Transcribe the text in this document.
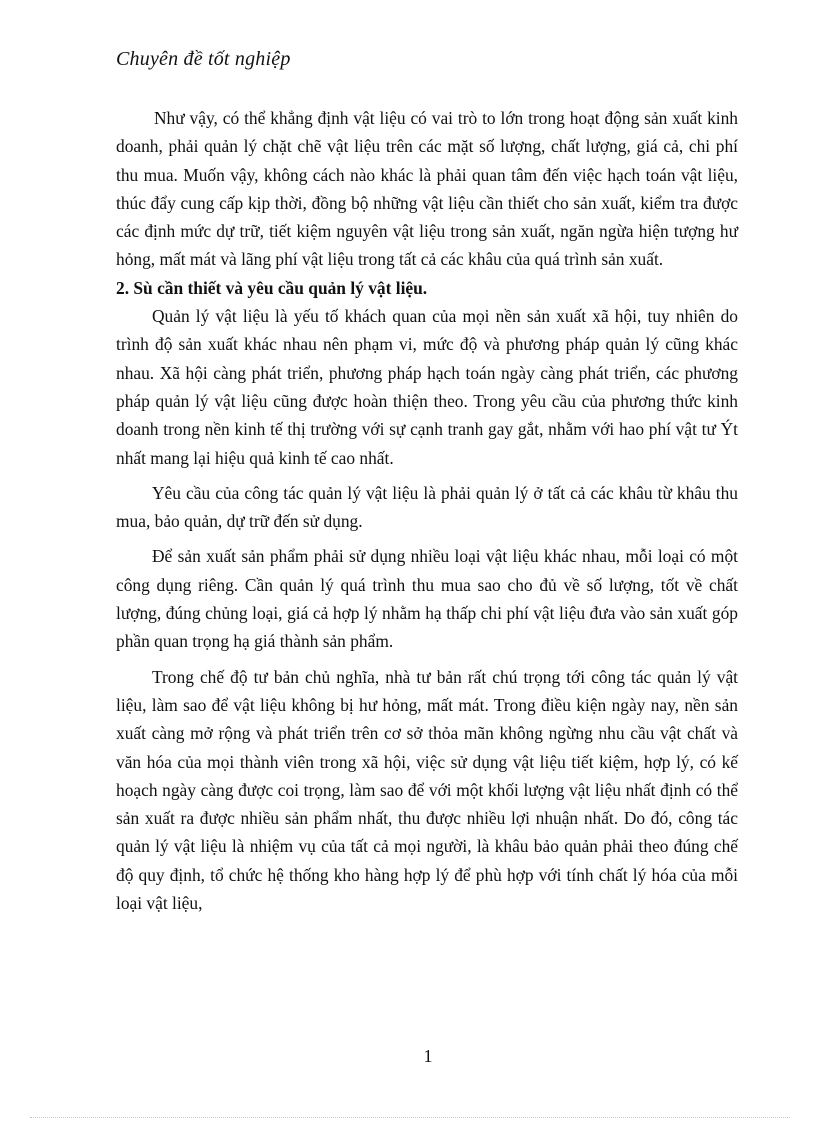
Chuyên đề tốt nghiệp

Như vậy, có thể khẳng định vật liệu có vai trò to lớn trong hoạt động sản xuất kinh doanh, phải quản lý chặt chẽ vật liệu trên các mặt số lượng, chất lượng, giá cả, chi phí thu mua. Muốn vậy, không cách nào khác là phải quan tâm đến việc hạch toán vật liệu, thúc đẩy cung cấp kịp thời, đồng bộ những vật liệu cần thiết cho sản xuất, kiểm tra được các định mức dự trữ, tiết kiệm nguyên vật liệu trong sản xuất, ngăn ngừa hiện tượng hư hỏng, mất mát và lãng phí vật liệu trong tất cả các khâu của quá trình sản xuất.

2. Sù cần thiết và yêu cầu quản lý vật liệu.

Quản lý vật liệu là yếu tố khách quan của mọi nền sản xuất xã hội, tuy nhiên do trình độ sản xuất khác nhau nên phạm vi, mức độ và phương pháp quản lý cũng khác nhau. Xã hội càng phát triển, phương pháp hạch toán ngày càng phát triển, các phương pháp quản lý vật liệu cũng được hoàn thiện theo. Trong yêu cầu của phương thức kinh doanh trong nền kinh tế thị trường với sự cạnh tranh gay gắt, nhằm với hao phí vật tư Ýt nhất mang lại hiệu quả kinh tế cao nhất.

Yêu cầu của công tác quản lý vật liệu là phải quản lý ở tất cả các khâu từ khâu thu mua, bảo quản, dự trữ đến sử dụng.

Để sản xuất sản phẩm phải sử dụng nhiều loại vật liệu khác nhau, mỗi loại có một công dụng riêng. Cần quản lý quá trình thu mua sao cho đủ về số lượng, tốt về chất lượng, đúng chủng loại, giá cả hợp lý nhằm hạ thấp chi phí vật liệu đưa vào sản xuất góp phần quan trọng hạ giá thành sản phẩm.

Trong chế độ tư bản chủ nghĩa, nhà tư bản rất chú trọng tới công tác quản lý vật liệu, làm sao để vật liệu không bị hư hỏng, mất mát. Trong điều kiện ngày nay, nền sản xuất càng mở rộng và phát triển trên cơ sở thỏa mãn không ngừng nhu cầu vật chất và văn hóa của mọi thành viên trong xã hội, việc sử dụng vật liệu tiết kiệm, hợp lý, có kế hoạch ngày càng được coi trọng, làm sao để với một khối lượng vật liệu nhất định có thể sản xuất ra được nhiều sản phẩm nhất, thu được nhiều lợi nhuận nhất. Do đó, công tác quản lý vật liệu là nhiệm vụ của tất cả mọi người, là khâu bảo quản phải theo đúng chế độ quy định, tổ chức hệ thống kho hàng hợp lý để phù hợp với tính chất lý hóa của mỗi loại vật liệu,

1
